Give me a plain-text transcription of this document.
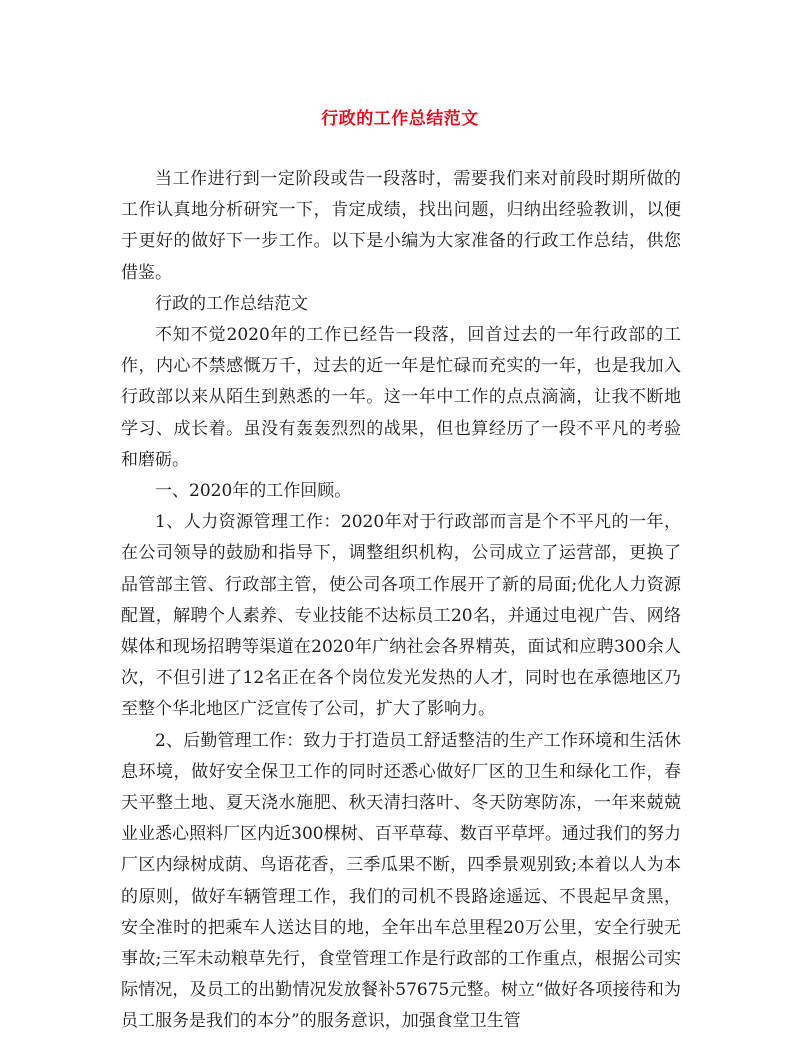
行政的工作总结范文

当工作进行到一定阶段或告一段落时，需要我们来对前段时期所做的工作认真地分析研究一下，肯定成绩，找出问题，归纳出经验教训，以便于更好的做好下一步工作。以下是小编为大家准备的行政工作总结，供您借鉴。

行政的工作总结范文

不知不觉2020年的工作已经告一段落，回首过去的一年行政部的工作，内心不禁感慨万千，过去的近一年是忙碌而充实的一年，也是我加入行政部以来从陌生到熟悉的一年。这一年中工作的点点滴滴，让我不断地学习、成长着。虽没有轰轰烈烈的战果，但也算经历了一段不平凡的考验和磨砺。

一、2020年的工作回顾。

1、人力资源管理工作：2020年对于行政部而言是个不平凡的一年，在公司领导的鼓励和指导下，调整组织机构，公司成立了运营部，更换了品管部主管、行政部主管，使公司各项工作展开了新的局面;优化人力资源配置，解聘个人素养、专业技能不达标员工20名，并通过电视广告、网络媒体和现场招聘等渠道在2020年广纳社会各界精英，面试和应聘300余人次，不但引进了12名正在各个岗位发光发热的人才，同时也在承德地区乃至整个华北地区广泛宣传了公司，扩大了影响力。

2、后勤管理工作：致力于打造员工舒适整洁的生产工作环境和生活休息环境，做好安全保卫工作的同时还悉心做好厂区的卫生和绿化工作，春天平整土地、夏天浇水施肥、秋天清扫落叶、冬天防寒防冻，一年来兢兢业业悉心照料厂区内近300棵树、百平草莓、数百平草坪。通过我们的努力厂区内绿树成荫、鸟语花香，三季瓜果不断，四季景观别致;本着以人为本的原则，做好车辆管理工作，我们的司机不畏路途遥远、不畏起早贪黑，安全准时的把乘车人送达目的地，全年出车总里程20万公里，安全行驶无事故;三军未动粮草先行，食堂管理工作是行政部的工作重点，根据公司实际情况，及员工的出勤情况发放餐补57675元整。树立“做好各项接待和为员工服务是我们的本分”的服务意识，加强食堂卫生管
